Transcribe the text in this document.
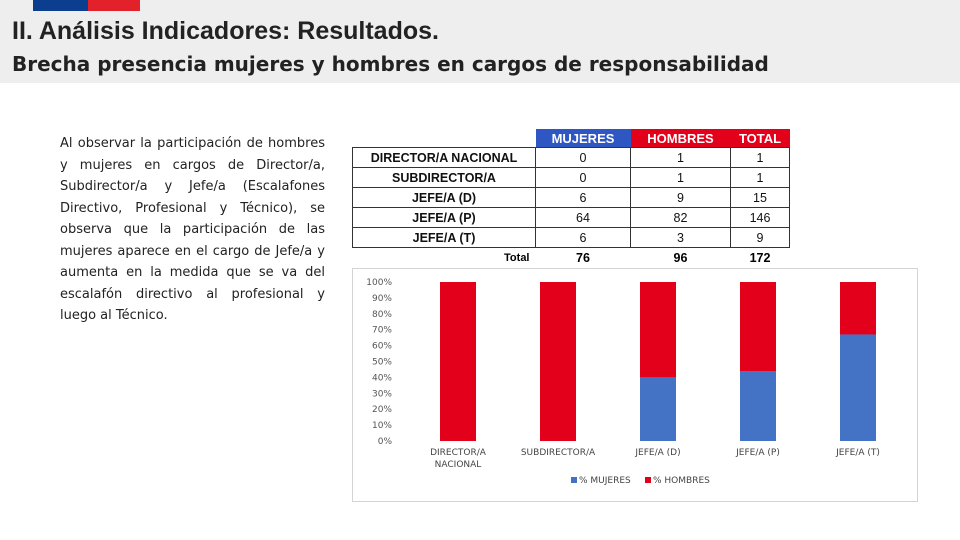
II. Análisis Indicadores: Resultados.
Brecha presencia mujeres y hombres en cargos de responsabilidad

Al observar la participación de hombres y mujeres en cargos de Director/a, Subdirector/a y Jefe/a (Escalafones Directivo, Profesional y Técnico), se observa que la participación de las mujeres aparece en el cargo de Jefe/a y aumenta en la medida que se va del escalafón directivo al profesional y luego al Técnico.

	MUJERES	HOMBRES	TOTAL
DIRECTOR/A NACIONAL	0	1	1
SUBDIRECTOR/A	0	1	1
JEFE/A (D)	6	9	15
JEFE/A (P)	64	82	146
JEFE/A (T)	6	3	9
Total	76	96	172
0%
10%
20%
30%
40%
50%
60%
70%
80%
90%
100%
DIRECTOR/A NACIONAL
SUBDIRECTOR/A	JEFE/A (D)	JEFE/A (P)	JEFE/A (T)
100%	100%
40%
60%
44%
56%
67%
33%
% MUJERES % HOMBRES
